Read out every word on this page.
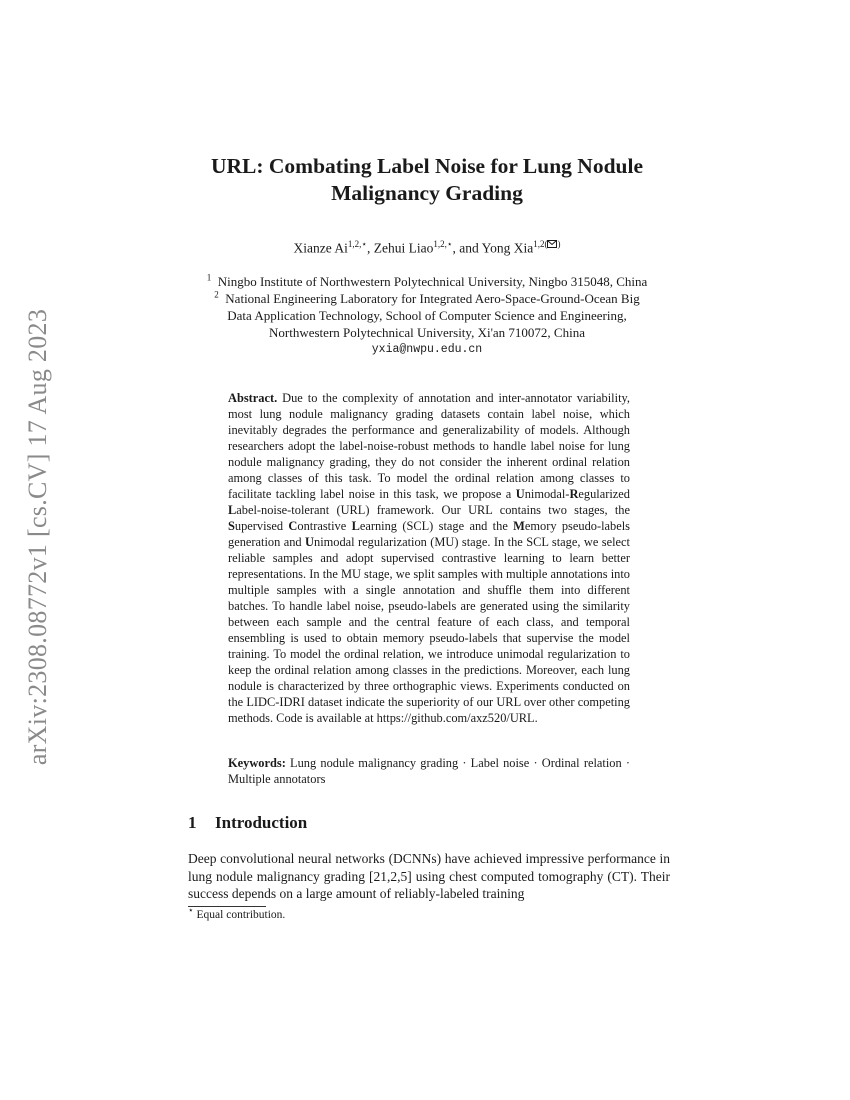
arXiv:2308.08772v1 [cs.CV] 17 Aug 2023
URL: Combating Label Noise for Lung Nodule
Malignancy Grading
Xianze $Ai^{1,2,⋆}$, Zehui Liao$^{1,2,⋆}$, and Yong Xia$^{1,2( )}$
$^1$ Ningbo Institute of Northwestern Polytechnical University, Ningbo 315048, China
$^2$ National Engineering Laboratory for Integrated Aero-Space-Ground-Ocean Big
Data Application Technology, School of Computer Science and Engineering,
Northwestern Polytechnical University, Xi'an 710072, China
yxia@nwpu.edu.cn
Abstract. Due to the complexity of annotation and inter-annotator variability, most lung nodule malignancy grading datasets contain label noise, which inevitably degrades the performance and generalizability of models. Although researchers adopt the label-noise-robust methods to handle label noise for lung nodule malignancy grading, they do not consider the inherent ordinal relation among classes of this task. To model the ordinal relation among classes to facilitate tackling label noise in this task, we propose a Unimodal-Regularized Label-noise-tolerant (URL) framework. Our URL contains two stages, the Supervised Contrastive Learning (SCL) stage and the Memory pseudo-labels generation and Unimodal regularization (MU) stage. In the SCL stage, we select reliable samples and adopt supervised contrastive learning to learn better representations. In the MU stage, we split samples with multiple annotations into multiple samples with a single annotation and shuffle them into different batches. To handle label noise, pseudo-labels are generated using the similarity between each sample and the central feature of each class, and temporal ensembling is used to obtain memory pseudo-labels that supervise the model training. To model the ordinal relation, we introduce unimodal regularization to keep the ordinal relation among classes in the predictions. Moreover, each lung nodule is characterized by three orthographic views. Experiments conducted on the LIDC-IDRI dataset indicate the superiority of our URL over other competing methods. Code is available at https://github.com/axz520/URL.
Keywords: Lung nodule malignancy grading · Label noise · Ordinal relation · Multiple annotators
1 Introduction
Deep convolutional neural networks (DCNNs) have achieved impressive performance in lung nodule malignancy grading [21,2,5] using chest computed tomography (CT). Their success depends on a large amount of reliably-labeled training
⋆ Equal contribution.
